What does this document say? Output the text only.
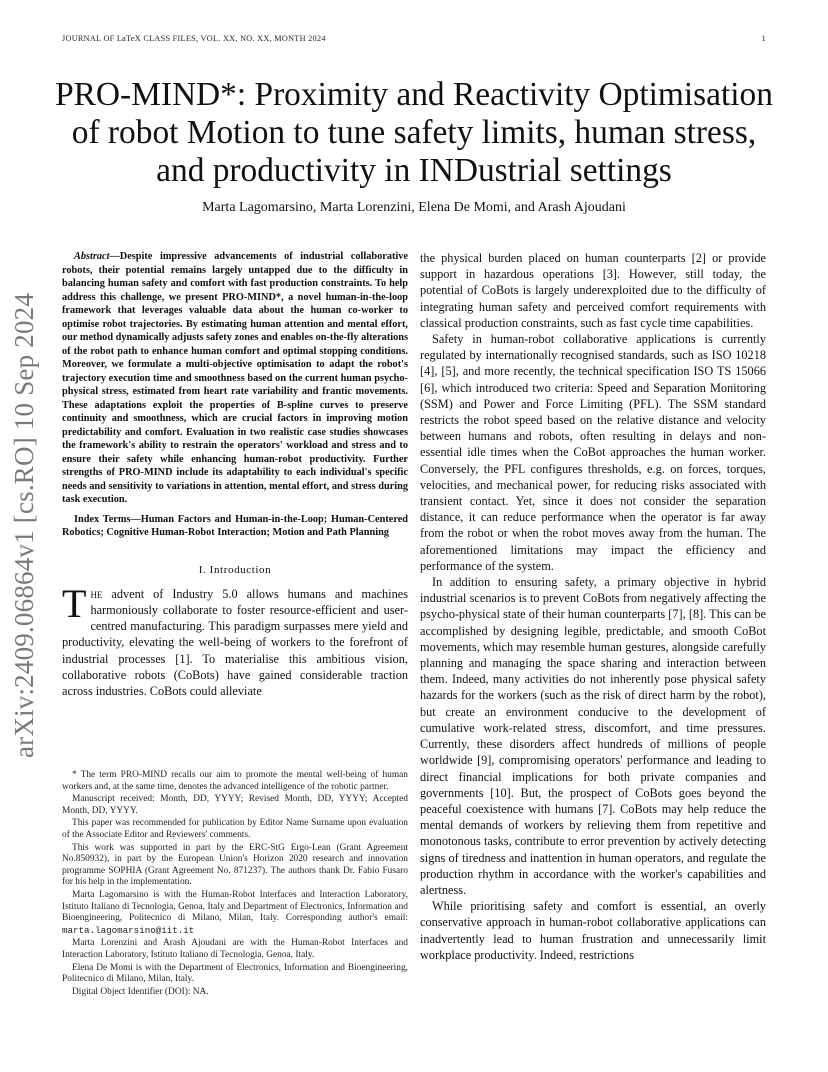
JOURNAL OF LaTeX CLASS FILES, VOL. XX, NO. XX, MONTH 2024	1
arXiv:2409.06864v1 [cs.RO] 10 Sep 2024
PRO-MIND*: Proximity and Reactivity Optimisation
of robot Motion to tune safety limits, human stress,
and productivity in INDustrial settings
Marta Lagomarsino, Marta Lorenzini, Elena De Momi, and Arash Ajoudani

Abstract—Despite impressive advancements of industrial collaborative robots, their potential remains largely untapped due to the difficulty in balancing human safety and comfort with fast production constraints. To help address this challenge, we present PRO-MIND*, a novel human-in-the-loop framework that leverages valuable data about the human co-worker to optimise robot trajectories. By estimating human attention and mental effort, our method dynamically adjusts safety zones and enables on-the-fly alterations of the robot path to enhance human comfort and optimal stopping conditions. Moreover, we formulate a multi-objective optimisation to adapt the robot's trajectory execution time and smoothness based on the current human psycho-physical stress, estimated from heart rate variability and frantic movements. These adaptations exploit the properties of B-spline curves to preserve continuity and smoothness, which are crucial factors in improving motion predictability and comfort. Evaluation in two realistic case studies showcases the framework's ability to restrain the operators' workload and stress and to ensure their safety while enhancing human-robot productivity. Further strengths of PRO-MIND include its adaptability to each individual's specific needs and sensitivity to variations in attention, mental effort, and stress during task execution.

Index Terms—Human Factors and Human-in-the-Loop; Human-Centered Robotics; Cognitive Human-Robot Interaction; Motion and Path Planning

I. Introduction

The advent of Industry 5.0 allows humans and machines harmoniously collaborate to foster resource-efficient and user-centred manufacturing. This paradigm surpasses mere yield and productivity, elevating the well-being of workers to the forefront of industrial processes [1]. To materialise this ambitious vision, collaborative robots (CoBots) have gained considerable traction across industries. CoBots could alleviate

* The term PRO-MIND recalls our aim to promote the mental well-being of human workers and, at the same time, denotes the advanced intelligence of the robotic partner.

Manuscript received: Month, DD, YYYY; Revised Month, DD, YYYY; Accepted Month, DD, YYYY.

This paper was recommended for publication by Editor Name Surname upon evaluation of the Associate Editor and Reviewers' comments.

This work was supported in part by the ERC-StG Ergo-Lean (Grant Agreement No.850932), in part by the European Union's Horizon 2020 research and innovation programme SOPHIA (Grant Agreement No. 871237). The authors thank Dr. Fabio Fusaro for his help in the implementation.

Marta Lagomarsino is with the Human-Robot Interfaces and Interaction Laboratory, Istituto Italiano di Tecnologia, Genoa, Italy and Department of Electronics, Information and Bioengineering, Politecnico di Milano, Milan, Italy. Corresponding author's email: marta.lagomarsino@iit.it

Marta Lorenzini and Arash Ajoudani are with the Human-Robot Interfaces and Interaction Laboratory, Istituto Italiano di Tecnologia, Genoa, Italy.

Elena De Momi is with the Department of Electronics, Information and Bioengineering, Politecnico di Milano, Milan, Italy.

Digital Object Identifier (DOI): NA.

the physical burden placed on human counterparts [2] or provide support in hazardous operations [3]. However, still today, the potential of CoBots is largely underexploited due to the difficulty of integrating human safety and perceived comfort requirements with classical production constraints, such as fast cycle time capabilities.

Safety in human-robot collaborative applications is currently regulated by internationally recognised standards, such as ISO 10218 [4], [5], and more recently, the technical specification ISO TS 15066 [6], which introduced two criteria: Speed and Separation Monitoring (SSM) and Power and Force Limiting (PFL). The SSM standard restricts the robot speed based on the relative distance and velocity between humans and robots, often resulting in delays and non-essential idle times when the CoBot approaches the human worker. Conversely, the PFL configures thresholds, e.g. on forces, torques, velocities, and mechanical power, for reducing risks associated with transient contact. Yet, since it does not consider the separation distance, it can reduce performance when the operator is far away from the robot or when the robot moves away from the human. The aforementioned limitations may impact the efficiency and performance of the system.

In addition to ensuring safety, a primary objective in hybrid industrial scenarios is to prevent CoBots from negatively affecting the psycho-physical state of their human counterparts [7], [8]. This can be accomplished by designing legible, predictable, and smooth CoBot movements, which may resemble human gestures, alongside carefully planning and managing the space sharing and interaction between them. Indeed, many activities do not inherently pose physical safety hazards for the workers (such as the risk of direct harm by the robot), but create an environment conducive to the development of cumulative work-related stress, discomfort, and time pressures. Currently, these disorders affect hundreds of millions of people worldwide [9], compromising operators' performance and leading to direct financial implications for both private companies and governments [10]. But, the prospect of CoBots goes beyond the peaceful coexistence with humans [7]. CoBots may help reduce the mental demands of workers by relieving them from repetitive and monotonous tasks, contribute to error prevention by actively detecting signs of tiredness and inattention in human operators, and regulate the production rhythm in accordance with the worker's capabilities and alertness.

While prioritising safety and comfort is essential, an overly conservative approach in human-robot collaborative applications can inadvertently lead to human frustration and unnecessarily limit workplace productivity. Indeed, restrictions
